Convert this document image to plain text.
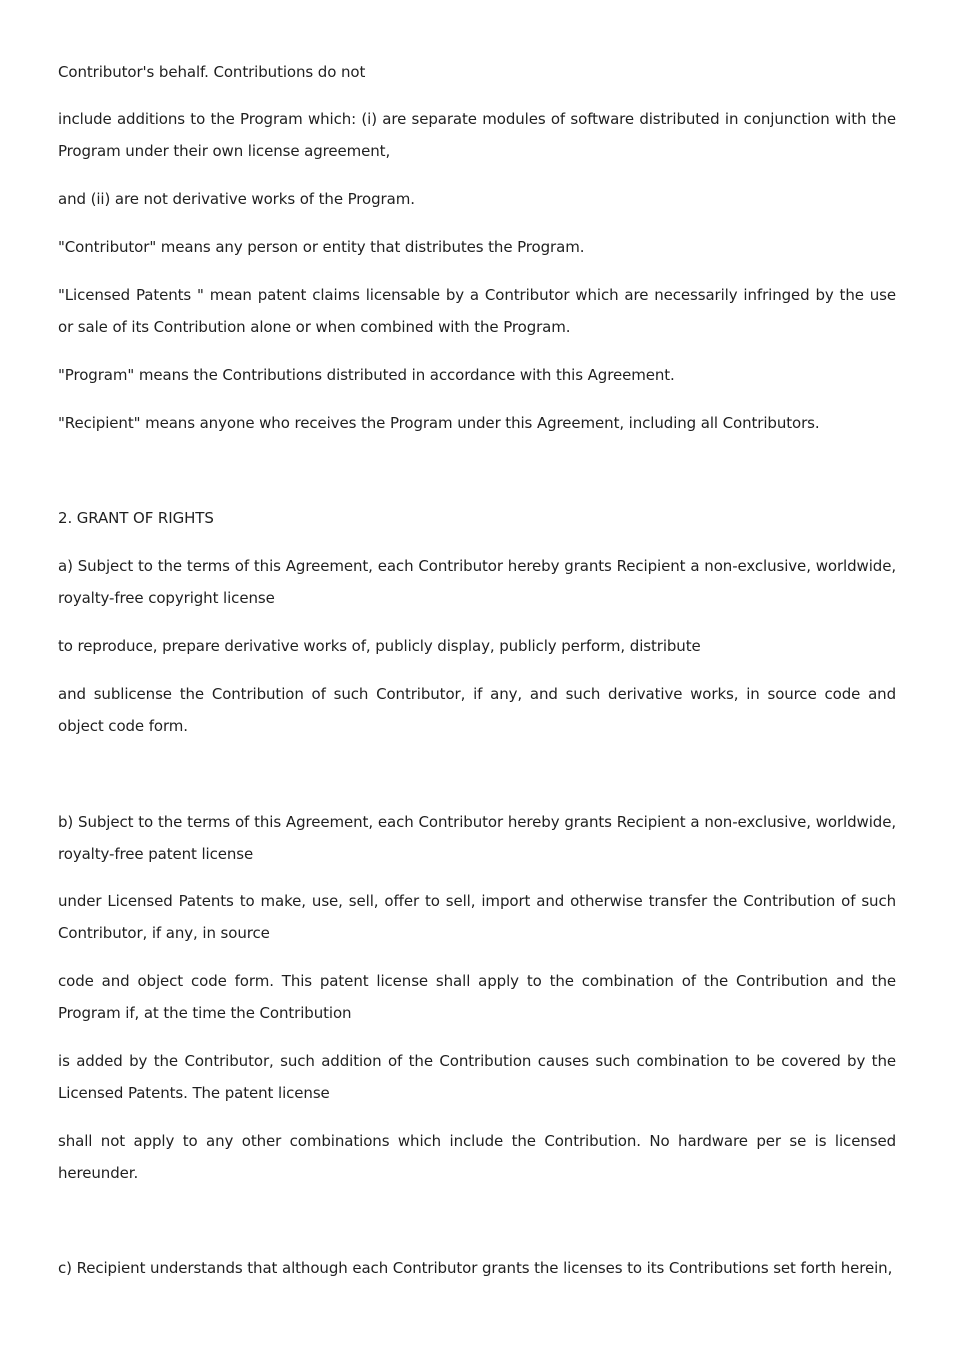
Contributor's behalf. Contributions do not

include additions to the Program which: (i) are separate modules of software distributed in conjunction with the Program under their own license agreement,

and (ii) are not derivative works of the Program.

"Contributor" means any person or entity that distributes the Program.

"Licensed Patents " mean patent claims licensable by a Contributor which are necessarily infringed by the use or sale of its Contribution alone or when combined with the Program.

"Program" means the Contributions distributed in accordance with this Agreement.

"Recipient" means anyone who receives the Program under this Agreement, including all Contributors.

2. GRANT OF RIGHTS

a) Subject to the terms of this Agreement, each Contributor hereby grants Recipient a non-exclusive, worldwide, royalty-free copyright license

to reproduce, prepare derivative works of, publicly display, publicly perform, distribute

and sublicense the Contribution of such Contributor, if any, and such derivative works, in source code and object code form.

b) Subject to the terms of this Agreement, each Contributor hereby grants Recipient a non-exclusive, worldwide, royalty-free patent license

under Licensed Patents to make, use, sell, offer to sell, import and otherwise transfer the Contribution of such Contributor, if any, in source

code and object code form. This patent license shall apply to the combination of the Contribution and the Program if, at the time the Contribution

is added by the Contributor, such addition of the Contribution causes such combination to be covered by the Licensed Patents. The patent license

shall not apply to any other combinations which include the Contribution. No hardware per se is licensed hereunder.

c) Recipient understands that although each Contributor grants the licenses to its Contributions set forth herein,
